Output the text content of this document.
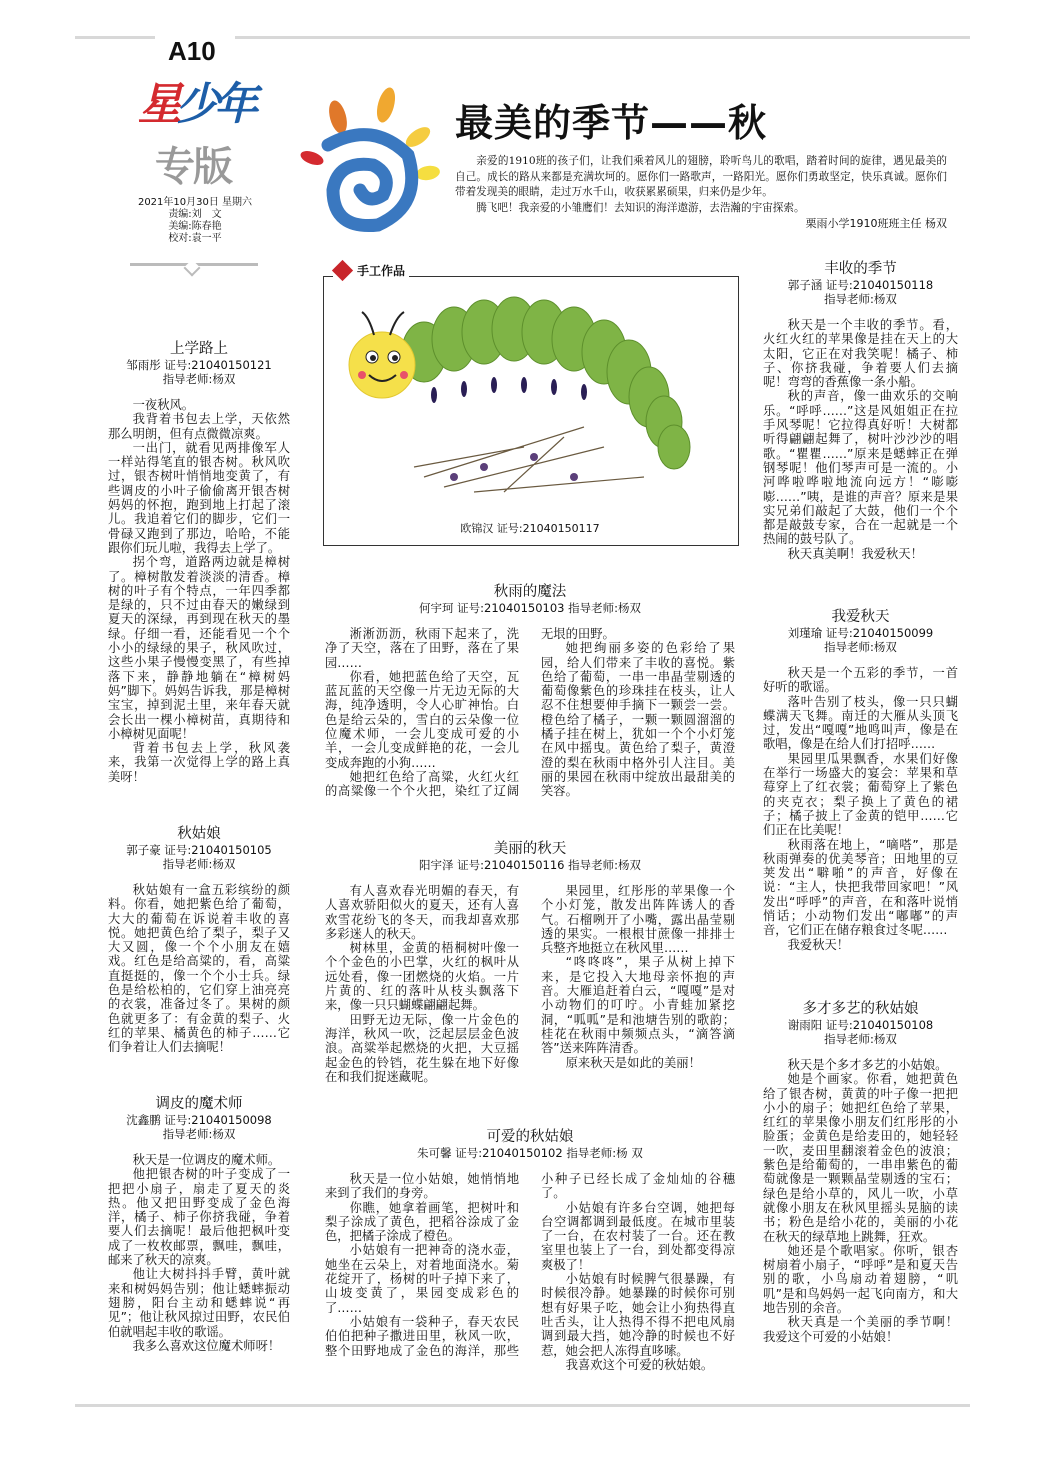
A10
星少年
专版
2021年10月30日 星期六
责编:刘　文
美编:陈春艳
校对:袁一平
最美的季节——秋

亲爱的1910班的孩子们，让我们乘着风儿的翅膀，聆听鸟儿的歌唱，踏着时间的旋律，遇见最美的自己。成长的路从来都是充满坎坷的。愿你们一路歌声，一路阳光。愿你们勇敢坚定，快乐真诚。愿你们带着发现美的眼睛，走过万水千山，收获累累硕果，归来仍是少年。

腾飞吧！我亲爱的小雏鹰们！去知识的海洋遨游，去浩瀚的宇宙探索。

栗雨小学1910班班主任 杨双

手工作品
欧锦汉 证号:21040150117
上学路上
邹雨彤 证号:21040150121
指导老师:杨双

一夜秋风。

我背着书包去上学，天依然那么明朗，但有点微微凉爽。

一出门，就看见两排像军人一样站得笔直的银杏树。秋风吹过，银杏树叶悄悄地变黄了，有些调皮的小叶子偷偷离开银杏树妈妈的怀抱，跑到地上打起了滚儿。我追着它们的脚步，它们一骨碌又跑到了那边，哈哈，不能跟你们玩儿啦，我得去上学了。

拐个弯，道路两边就是樟树了。樟树散发着淡淡的清香。樟树的叶子有个特点，一年四季都是绿的，只不过由春天的嫩绿到夏天的深绿，再到现在秋天的墨绿。仔细一看，还能看见一个个小小的绿绿的果子，秋风吹过，这些小果子慢慢变黑了，有些掉落下来，静静地躺在“樟树妈妈”脚下。妈妈告诉我，那是樟树宝宝，掉到泥土里，来年春天就会长出一棵小樟树苗，真期待和小樟树见面呢！

背着书包去上学，秋风袭来，我第一次觉得上学的路上真美呀！

秋姑娘
郭子豪 证号:21040150105
指导老师:杨双

秋姑娘有一盒五彩缤纷的颜料。你看，她把紫色给了葡萄，大大的葡萄在诉说着丰收的喜悦。她把黄色给了梨子，梨子又大又圆，像一个个小朋友在嬉戏。红色是给高粱的，看，高粱直挺挺的，像一个个小士兵。绿色是给松柏的，它们穿上油亮亮的衣裳，准备过冬了。果树的颜色就更多了：有金黄的梨子、火红的苹果、橘黄色的柿子……它们争着让人们去摘呢！

调皮的魔术师
沈鑫鹏 证号:21040150098
指导老师:杨双

秋天是一位调皮的魔术师。

他把银杏树的叶子变成了一把把小扇子，扇走了夏天的炎热。他又把田野变成了金色海洋，橘子、柿子你挤我碰，争着要人们去摘呢！最后他把枫叶变成了一枚枚邮票，飘哇，飘哇，邮来了秋天的凉爽。

他让大树抖抖手臂，黄叶就来和树妈妈告别；他让蟋蟀振动翅膀，阳台主动和蟋蟀说“再见”；他让秋风掠过田野，农民伯伯就唱起丰收的歌谣。

我多么喜欢这位魔术师呀！

秋雨的魔法
何宇珂 证号:21040150103 指导老师:杨双

淅淅沥沥，秋雨下起来了，洗净了天空，落在了田野，落在了果园……

你看，她把蓝色给了天空，瓦蓝瓦蓝的天空像一片无边无际的大海，纯净透明，令人心旷神怡。白色是给云朵的，雪白的云朵像一位位魔术师，一会儿变成可爱的小羊，一会儿变成鲜艳的花，一会儿变成奔跑的小狗……

她把红色给了高粱，火红火红的高粱像一个个火把，染红了辽阔无垠的田野。

她把绚丽多姿的色彩给了果园，给人们带来了丰收的喜悦。紫色给了葡萄，一串一串晶莹剔透的葡萄像紫色的珍珠挂在枝头，让人忍不住想要伸手摘下一颗尝一尝。橙色给了橘子，一颗一颗圆溜溜的橘子挂在树上，犹如一个个小灯笼在风中摇曳。黄色给了梨子，黄澄澄的梨在秋雨中格外引人注目。美丽的果园在秋雨中绽放出最甜美的笑容。

美丽的秋天
阳宇泽 证号:21040150116 指导老师:杨双

有人喜欢春光明媚的春天，有人喜欢骄阳似火的夏天，还有人喜欢雪花纷飞的冬天，而我却喜欢那多彩迷人的秋天。

树林里，金黄的梧桐树叶像一个个金色的小巴掌，火红的枫叶从远处看，像一团燃烧的火焰。一片片黄的、红的落叶从枝头飘落下来，像一只只蝴蝶翩翩起舞。

田野无边无际，像一片金色的海洋，秋风一吹，泛起层层金色波浪。高粱举起燃烧的火把，大豆摇起金色的铃铛，花生躲在地下好像在和我们捉迷藏呢。

果园里，红彤彤的苹果像一个个小灯笼，散发出阵阵诱人的香气。石榴咧开了小嘴，露出晶莹剔透的果实。一根根甘蔗像一排排士兵整齐地挺立在秋风里……

“咚咚咚”，果子从树上掉下来，是它投入大地母亲怀抱的声音。大雁追赶着白云，“嘎嘎”是对小动物们的叮咛。小青蛙加紧挖洞，“呱呱”是和池塘告别的歌韵；桂花在秋雨中频频点头，“滴答滴答”送来阵阵清香。

原来秋天是如此的美丽！

可爱的秋姑娘
朱可馨 证号:21040150102 指导老师:杨 双

秋天是一位小姑娘，她悄悄地来到了我们的身旁。

你瞧，她拿着画笔，把树叶和梨子涂成了黄色，把稻谷涂成了金色，把橘子涂成了橙色。

小姑娘有一把神奇的浇水壶，她坐在云朵上，对着地面浇水。菊花绽开了，杨树的叶子掉下来了，山坡变黄了，果园变成彩色的了……

小姑娘有一袋种子，春天农民伯伯把种子撒进田里，秋风一吹，整个田野地成了金色的海洋，那些小种子已经长成了金灿灿的谷穗了。

小姑娘有许多台空调，她把每台空调都调到最低度。在城市里装了一台，在农村装了一台。还在教室里也装上了一台，到处都变得凉爽极了！

小姑娘有时候脾气很暴躁，有时候很冷静。她暴躁的时候你可别想有好果子吃，她会让小狗热得直吐舌头，让人热得不得不把电风扇调到最大挡，她冷静的时候也不好惹，她会把人冻得直哆嗦。

我喜欢这个可爱的秋姑娘。

丰收的季节
郭子涵 证号:21040150118
指导老师:杨双

秋天是一个丰收的季节。看，火红火红的苹果像是挂在天上的大太阳，它正在对我笑呢！橘子、柿子、你挤我碰，争着要人们去摘呢！弯弯的香蕉像一条小船。

秋的声音，像一曲欢乐的交响乐。“呼呼……”这是风姐姐正在拉手风琴呢！它拉得真好听！大树都听得翩翩起舞了，树叶沙沙沙的唱歌。“瞿瞿……”原来是蟋蟀正在弹钢琴呢！他们琴声可是一流的。小河哗啦哗啦地流向远方！“嘭嘭嘭……”咦，是谁的声音？原来是果实兄弟们敲起了大鼓，他们一个个都是敲鼓专家，合在一起就是一个热闹的鼓号队了。

秋天真美啊！我爱秋天！

我爱秋天
刘瑾瑜 证号:21040150099
指导老师:杨双

秋天是一个五彩的季节，一首好听的歌谣。

落叶告别了枝头，像一只只蝴蝶满天飞舞。南迁的大雁从头顶飞过，发出“嘎嘎”地鸣叫声，像是在歌唱，像是在给人们打招呼……

果园里瓜果飘香，水果们好像在举行一场盛大的宴会：苹果和草莓穿上了红衣裳；葡萄穿上了紫色的夹克衣；梨子换上了黄色的裙子；橘子披上了金黄的铠甲……它们正在比美呢！

秋雨落在地上，“嘀嗒”，那是秋雨弹奏的优美琴音；田地里的豆荚发出“噼啪”的声音，好像在说：“主人，快把我带回家吧！”风发出“呼呼”的声音，在和落叶说悄悄话；小动物们发出“嘟嘟”的声音，它们正在储存粮食过冬呢……

我爱秋天！

多才多艺的秋姑娘
谢雨阳 证号:21040150108
指导老师:杨双

秋天是个多才多艺的小姑娘。

她是个画家。你看，她把黄色给了银杏树，黄黄的叶子像一把把小小的扇子；她把红色给了苹果，红红的苹果像小朋友们红彤彤的小脸蛋；金黄色是给麦田的，她轻轻一吹，麦田里翻滚着金色的波浪；紫色是给葡萄的，一串串紫色的葡萄就像是一颗颗晶莹剔透的宝石；绿色是给小草的，风儿一吹，小草就像小朋友在秋风里摇头晃脑的读书；粉色是给小花的，美丽的小花在秋天的绿草地上跳舞，狂欢。

她还是个歌唱家。你听，银杏树扇着小扇子，“呼呼”是和夏天告别的歌，小鸟扇动着翅膀，“叽叽”是和鸟妈妈一起飞向南方，和大地告别的余音。

秋天真是一个美丽的季节啊！我爱这个可爱的小姑娘！
